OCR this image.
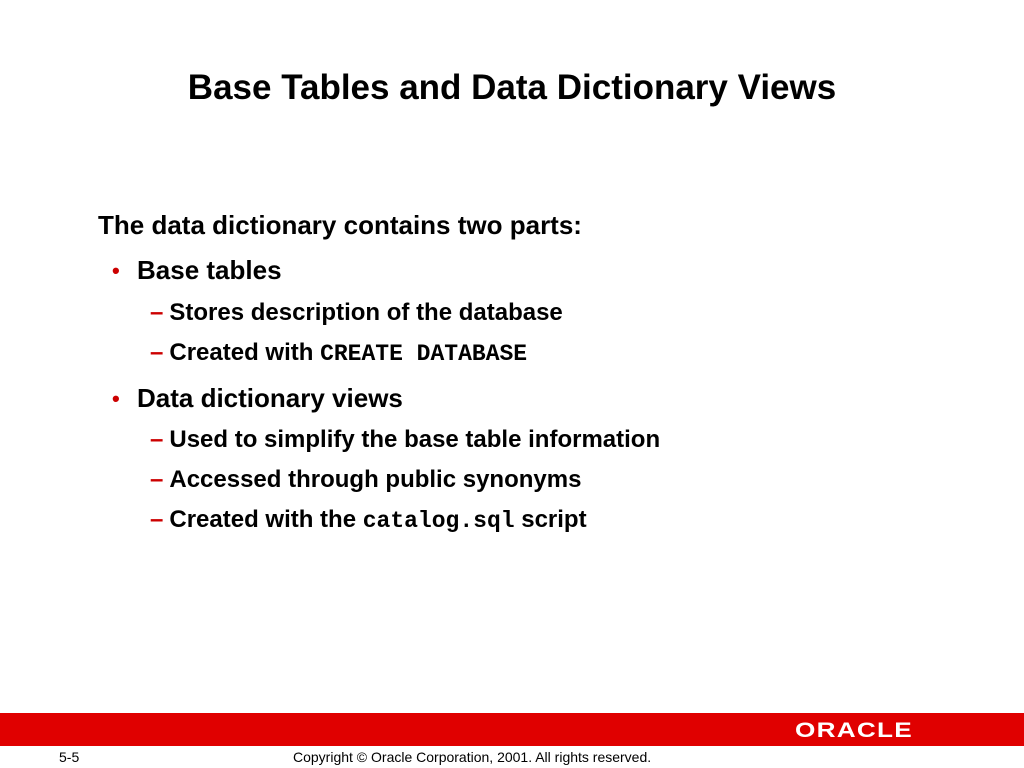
Base Tables and Data Dictionary Views
The data dictionary contains two parts:
• Base tables
– Stores description of the database
– Created with CREATE DATABASE
• Data dictionary views
– Used to simplify the base table information
– Accessed through public synonyms
– Created with the catalog.sql script
ORACLE
5-5	Copyright © Oracle Corporation, 2001. All rights reserved.
